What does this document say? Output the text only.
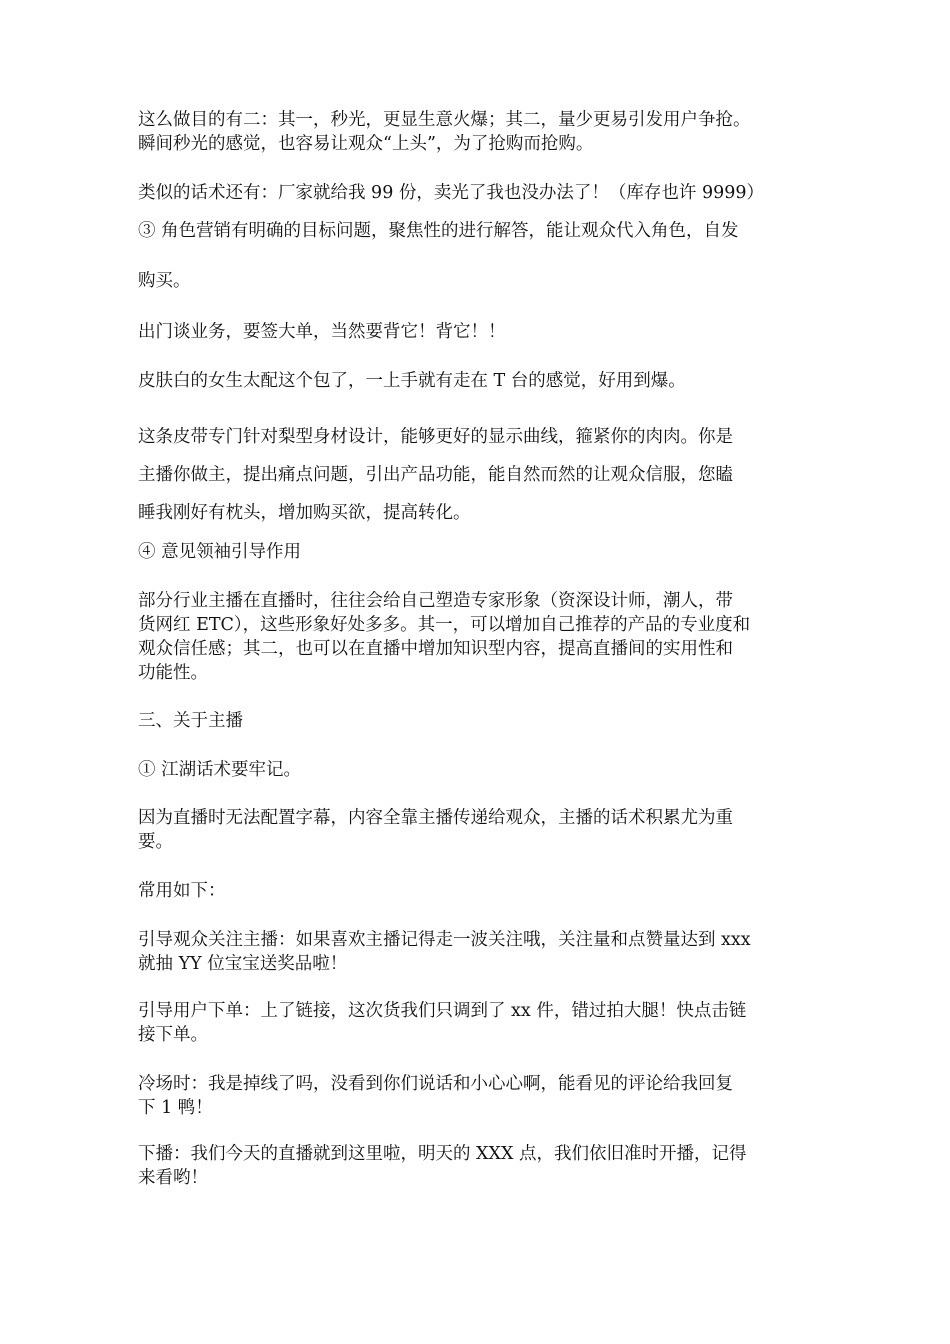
这么做目的有二：其一，秒光，更显生意火爆；其二，量少更易引发用户争抢。

瞬间秒光的感觉，也容易让观众“上头”，为了抢购而抢购。

类似的话术还有：厂家就给我 99 份，卖光了我也没办法了！（库存也许 9999）

③ 角色营销有明确的目标问题，聚焦性的进行解答，能让观众代入角色，自发

购买。

出门谈业务，要签大单，当然要背它！背它！！

皮肤白的女生太配这个包了，一上手就有走在 T 台的感觉，好用到爆。

这条皮带专门针对梨型身材设计，能够更好的显示曲线，箍紧你的肉肉。你是

主播你做主，提出痛点问题，引出产品功能，能自然而然的让观众信服，您瞌

睡我刚好有枕头，增加购买欲，提高转化。

④ 意见领袖引导作用

部分行业主播在直播时，往往会给自己塑造专家形象（资深设计师，潮人，带

货网红 ETC），这些形象好处多多。其一，可以增加自己推荐的产品的专业度和

观众信任感；其二，也可以在直播中增加知识型内容，提高直播间的实用性和

功能性。

三、关于主播

① 江湖话术要牢记。

因为直播时无法配置字幕，内容全靠主播传递给观众，主播的话术积累尤为重

要。

常用如下：

引导观众关注主播：如果喜欢主播记得走一波关注哦，关注量和点赞量达到 xxx

就抽 YY 位宝宝送奖品啦！

引导用户下单：上了链接，这次货我们只调到了 xx 件，错过拍大腿！快点击链

接下单。

冷场时：我是掉线了吗，没看到你们说话和小心心啊，能看见的评论给我回复

下 1 鸭！

下播：我们今天的直播就到这里啦，明天的 XXX 点，我们依旧准时开播，记得

来看哟！
